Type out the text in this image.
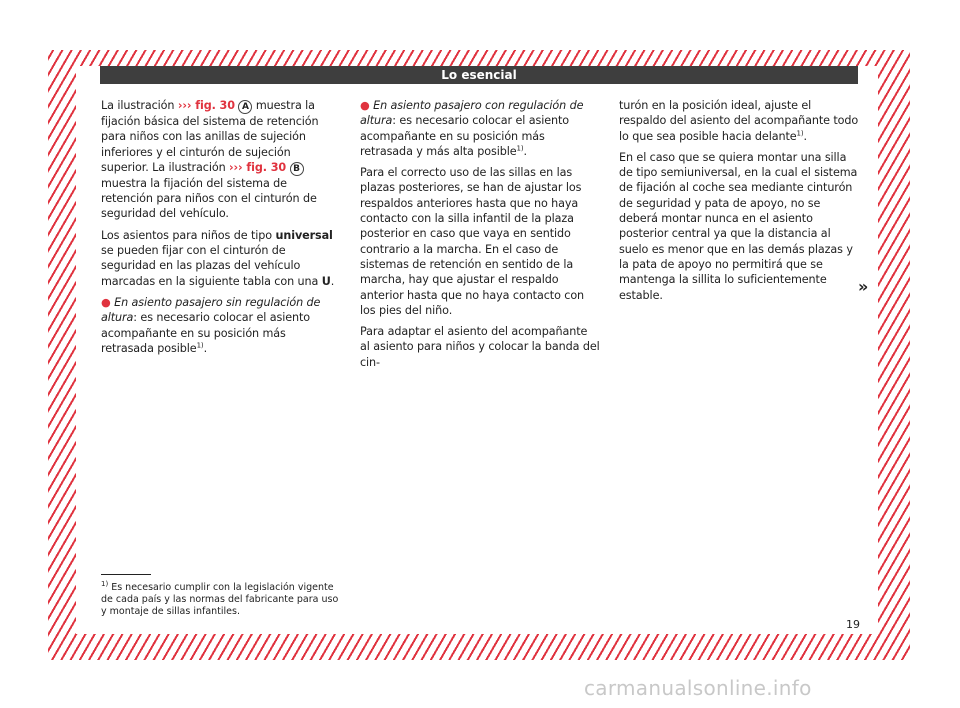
Lo esencial

La ilustración ››› fig. 30 A muestra la fijación básica del sistema de retención para niños con las anillas de sujeción inferiores y el cinturón de sujeción superior. La ilustración ››› fig. 30 B muestra la fijación del sistema de retención para niños con el cinturón de seguridad del vehículo.

Los asientos para niños de tipo universal se pueden fijar con el cinturón de seguridad en las plazas del vehículo marcadas en la siguiente tabla con una U.

● En asiento pasajero sin regulación de altura: es necesario colocar el asiento acompañante en su posición más retrasada posible$^{1)}$.

● En asiento pasajero con regulación de altura: es necesario colocar el asiento acompañante en su posición más retrasada y más alta posible$^{1)}$.

Para el correcto uso de las sillas en las plazas posteriores, se han de ajustar los respaldos anteriores hasta que no haya contacto con la silla infantil de la plaza posterior en caso que vaya en sentido contrario a la marcha. En el caso de sistemas de retención en sentido de la marcha, hay que ajustar el respaldo anterior hasta que no haya contacto con los pies del niño.

Para adaptar el asiento del acompañante al asiento para niños y colocar la banda del cin-

turón en la posición ideal, ajuste el respaldo del asiento del acompañante todo lo que sea posible hacia delante$^{1)}$.

En el caso que se quiera montar una silla de tipo semiuniversal, en la cual el sistema de fijación al coche sea mediante cinturón de seguridad y pata de apoyo, no se deberá montar nunca en el asiento posterior central ya que la distancia al suelo es menor que en las demás plazas y la pata de apoyo no permitirá que se mantenga la sillita lo suficientemente estable.	»
$^{1)}$ Es necesario cumplir con la legislación vigente de cada país y las normas del fabricante para uso y montaje de sillas infantiles.
19
carmanualsonline.info
